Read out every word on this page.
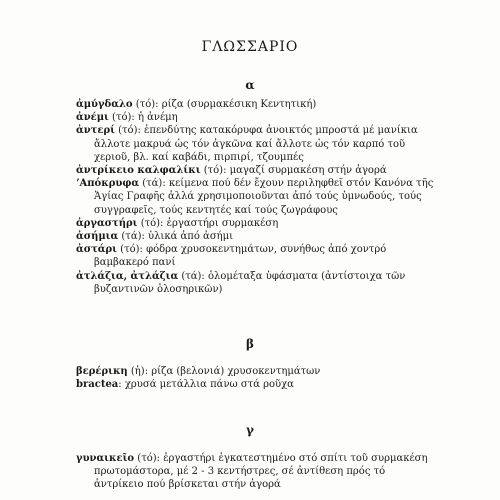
ΓΛΩΣΣΑΡΙΟ
α

ἀμύγδαλο (τό): ρίζα (συρμακέσικη Κεντητική)

ἀνέμι (τό): ἡ ἀνέμη

ἀντερί (τό): ἐπενδύτης κατακόρυφα ἀνοικτός μπροστά μέ μανίκια ἄλλοτε μακρυά ὡς τόν ἀγκῶνα καί ἄλλοτε ὡς τόν καρπό τοῦ χεριοῦ, βλ. καί καβάδι, πιρπιρί, τζουμπές

ἀντρίκειο καλφαλίκι (τό): μαγαζί συρμακέση στήν ἀγορά

ʼΑπόκρυφα (τά): κείμενα πού δέν ἔχουν περιληφθεῖ στόν Κανόνα τῆς Ἁγίας Γραφῆς ἀλλά χρησιμοποιοῦνται ἀπό τούς ὑμνωδούς, τούς συγγραφεῖς, τούς κεντητές καί τούς ζωγράφους

ἀργαστήρι (τό): ἐργαστήρι συρμακέση

ἀσήμια (τά): ὑλικά ἀπό ἀσήμι

ἀστάρι (τό): φόδρα χρυσοκεντημάτων, συνήθως ἀπό χοντρό βαμβακερό πανί

ἀτλάζια, ἀτλάζια (τά): ὁλομέταξα ὑφάσματα (ἀντίστοιχα τῶν βυζαντινῶν ὁλοσηρικῶν)

β

βερέρικη (ἡ): ρίζα (βελονιά) χρυσοκεντημάτων

bractea: χρυσά μετάλλια πάνω στά ροῦχα

γ

γυναικεῖο (τό): ἐργαστήρι ἐγκατεστημένο στό σπίτι τοῦ συρμακέση πρωτομάστορα, μέ 2 - 3 κεντήστρες, σέ ἀντίθεση πρός τό ἀντρίκειο πού βρίσκεται στήν ἀγορά
